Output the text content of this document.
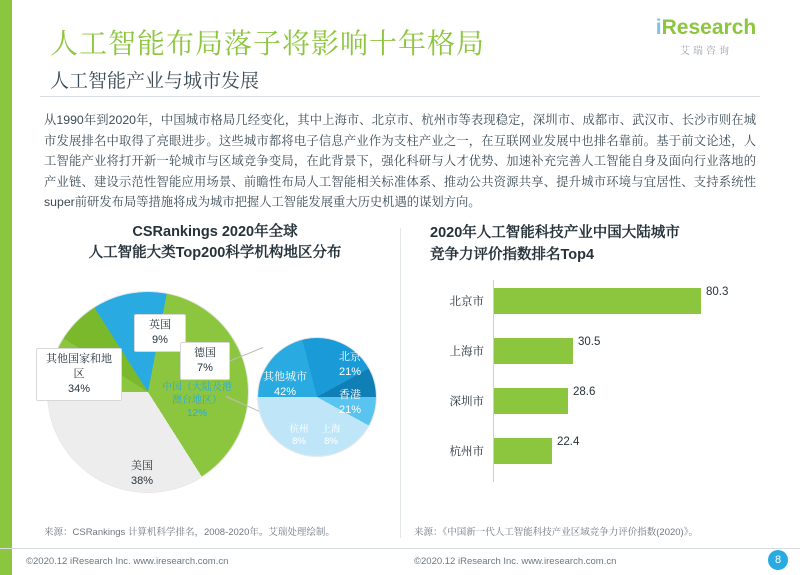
人工智能布局落子将影响十年格局
人工智能产业与城市发展
iResearch
艾瑞咨询
从1990年到2020年，中国城市格局几经变化，其中上海市、北京市、杭州市等表现稳定，深圳市、成都市、武汉市、长沙市则在城市发展排名中取得了亮眼进步。这些城市都将电子信息产业作为支柱产业之一，在互联网业发展中也排名靠前。基于前文论述，人工智能产业将打开新一轮城市与区域竞争变局，在此背景下，强化科研与人才优势、加速补充完善人工智能自身及面向行业落地的产业链、建设示范性智能应用场景、前瞻性布局人工智能相关标准体系、推动公共资源共享、提升城市环境与宜居性、支持系统性super前研发布局等措施将成为城市把握人工智能发展重大历史机遇的谋划方向。
CSRankings 2020年全球
人工智能大类Top200科学机构地区分布
英国
9%
德国
7%
中国（大陆及港澳台地区）
12%
其他国家和地区
34%
美国
38%
北京
21%
香港
21%
其他城市
42%
杭州
8%
上海
8%
2020年人工智能科技产业中国大陆城市
竞争力评价指数排名Top4
北京市
80.3
上海市
30.5
深圳市
28.6
杭州市
22.4
来源：CSRankings 计算机科学排名，2008-2020年。艾瑞处理绘制。	来源：《中国新一代人工智能科技产业区域竞争力评价指数(2020)》。
©2020.12 iResearch Inc. www.iresearch.com.cn	©2020.12 iResearch Inc. www.iresearch.com.cn	8
